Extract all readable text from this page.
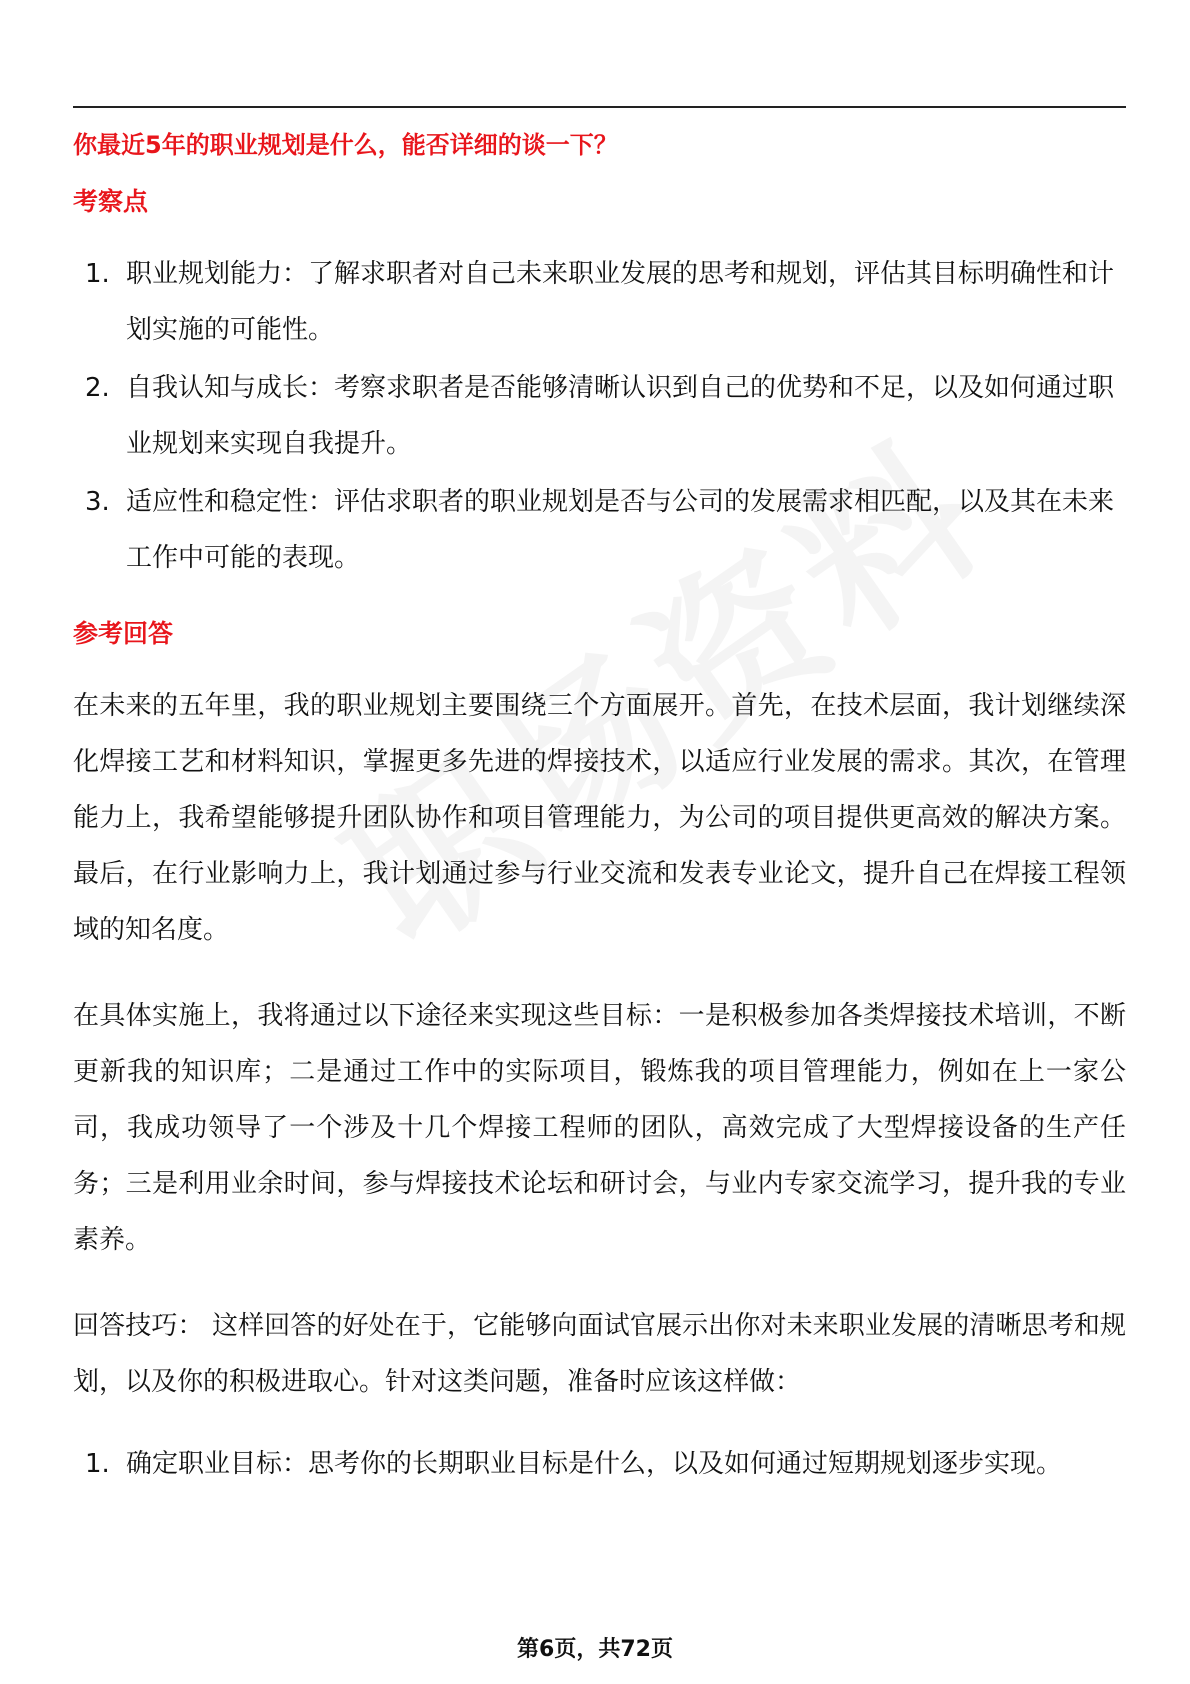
你最近5年的职业规划是什么，能否详细的谈一下？

考察点

1. 职业规划能力：了解求职者对自己未来职业发展的思考和规划，评估其目标明确性和计划实施的可能性。
2. 自我认知与成长：考察求职者是否能够清晰认识到自己的优势和不足，以及如何通过职业规划来实现自我提升。
3. 适应性和稳定性：评估求职者的职业规划是否与公司的发展需求相匹配，以及其在未来工作中可能的表现。

参考回答

在未来的五年里，我的职业规划主要围绕三个方面展开。首先，在技术层面，我计划继续深化焊接工艺和材料知识，掌握更多先进的焊接技术，以适应行业发展的需求。其次，在管理能力上，我希望能够提升团队协作和项目管理能力，为公司的项目提供更高效的解决方案。最后，在行业影响力上，我计划通过参与行业交流和发表专业论文，提升自己在焊接工程领域的知名度。

在具体实施上，我将通过以下途径来实现这些目标：一是积极参加各类焊接技术培训，不断更新我的知识库；二是通过工作中的实际项目，锻炼我的项目管理能力，例如在上一家公司，我成功领导了一个涉及十几个焊接工程师的团队，高效完成了大型焊接设备的生产任务；三是利用业余时间，参与焊接技术论坛和研讨会，与业内专家交流学习，提升我的专业素养。

回答技巧： 这样回答的好处在于，它能够向面试官展示出你对未来职业发展的清晰思考和规划，以及你的积极进取心。针对这类问题，准备时应该这样做：

1. 确定职业目标：思考你的长期职业目标是什么，以及如何通过短期规划逐步实现。
第6页，共72页
